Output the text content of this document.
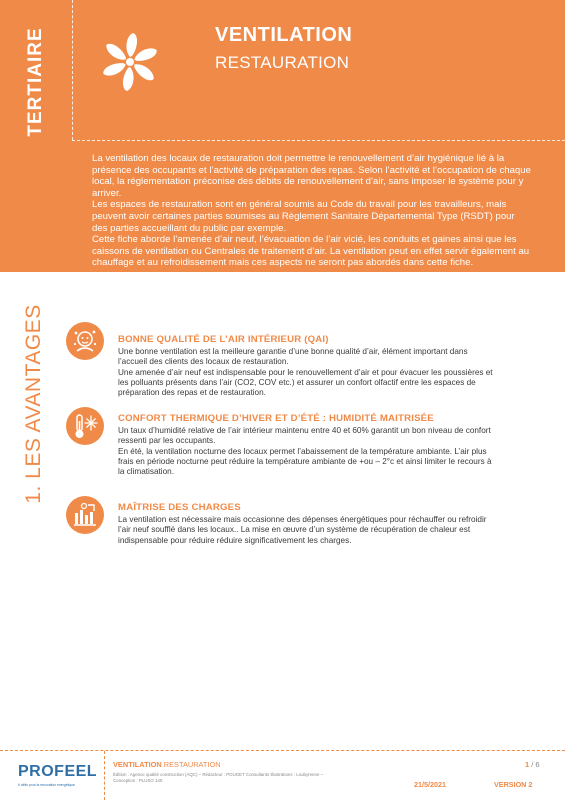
TERTIAIRE	VENTILATION
RESTAURATION

La ventilation des locaux de restauration doit permettre le renouvellement d’air hygiénique lié à la présence des occupants et l’activité de préparation des repas. Selon l’activité et l’occupation de chaque local, la réglementation préconise des débits de renouvellement d’air, sans imposer le système pour y arriver.

Les espaces de restauration sont en général soumis au Code du travail pour les travailleurs, mais peuvent avoir certaines parties soumises au Règlement Sanitaire Départemental Type (RSDT) pour des parties accueillant du public par exemple.

Cette fiche aborde l’amenée d’air neuf, l’évacuation de l’air vicié, les conduits et gaines ainsi que les caissons de ventilation ou Centrales de traitement d’air. La ventilation peut en effet servir également au chauffage et au refroidissement mais ces aspects ne seront pas abordés dans cette fiche.

1. LES AVANTAGES	BONNE QUALITÉ DE L’AIR INTÉRIEUR (QAI)

Une bonne ventilation est la meilleure garantie d’une bonne qualité d’air, élément important dans l’accueil des clients des locaux de restauration.

Une amenée d’air neuf est indispensable pour le renouvellement d’air et pour évacuer les poussières et les polluants présents dans l’air (CO2, COV etc.) et assurer un confort olfactif entre les espaces de préparation des repas et de restauration.

CONFORT THERMIQUE D’HIVER ET D’ÉTÉ : HUMIDITÉ MAITRISÉE

Un taux d’humidité relative de l’air intérieur maintenu entre 40 et 60% garantit un bon niveau de confort ressenti par les occupants.

En été, la ventilation nocturne des locaux permet l’abaissement de la température ambiante. L’air plus frais en période nocturne peut réduire la température ambiante de +ou – 2°c et ainsi limiter le recours à la climatisation.

MAÎTRISE DES CHARGES

La ventilation est nécessaire mais occasionne des dépenses énergétiques pour réchauffer ou refroidir l’air neuf soufflé dans les locaux.. La mise en œuvre d’un système de récupération de chaleur est indispensable pour réduire réduire significativement les charges.

PROFEEL
6 défis pour la rénovation énergétique
VENTILATION RESTAURATION
Édition : Agence qualité construction (AQC) – Rédacteur : POUGET Consultants Illustrations : Loubyrenne – Conception : PLUSO 140
1 / 6
21/5/2021	VERSION 2
